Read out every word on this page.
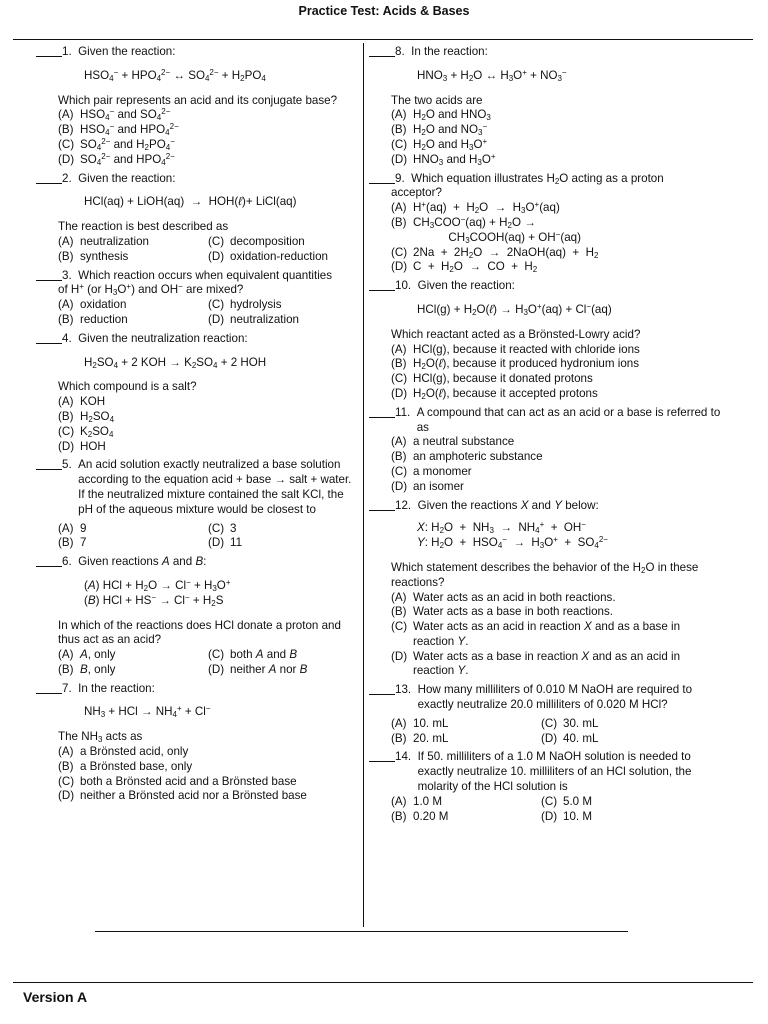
Practice Test: Acids & Bases
1.
Given the reaction:
$HSO_4^- + HPO_4^{2-}$ ↔ $SO_4^{2-} + H_2PO_4$
Which pair represents an acid and its conjugate base?
(A) $HSO_4^-$ and $SO_4^{2-}$
(B) $HSO_4^-$ and $HPO_4^{2-}$
(C) $SO_4^{2-}$ and $H_2PO_4^-$
(D) $SO_4^{2-}$ and $HPO_4^{2-}$
2.
Given the reaction:
HCl(aq) + LiOH(aq)  →  HOH(ℓ)+ LiCl(aq)
The reaction is best described as
(A) neutralization	(C) decomposition
(B) synthesis	(D) oxidation-reduction
3.
Which reaction occurs when equivalent quantities
of H+ (or $H_3O^+$) and OH− are mixed?
(A) oxidation	(C) hydrolysis
(B) reduction	(D) neutralization
4.
Given the neutralization reaction:
$H_2SO_4 + 2$ KOH → $K_2SO_4 + 2$ HOH
Which compound is a salt?
(A) KOH
(B) $H_2SO_4$
(C) $K_2SO_4$
(D) HOH
5.
An acid solution exactly neutralized a base solution according to the equation acid + base → salt + water. If the neutralized mixture contained the salt KCl, the pH of the aqueous mixture would be closest to
(A) 9	(C) 3
(B) 7	(D) 11
6.
Given reactions A and B:
(A) HCl + $H_2O \to Cl^- + H_3O^+$
(B) HCl + $HS^- \to Cl^- + H_2S$
In which of the reactions does HCl donate a proton and thus act as an acid?
(A) A, only	(C) both A and B
(B) B, only	(D) neither A nor B
7.
In the reaction:
$NH_3$ + HCl → $NH_4^+ + Cl^-$
The $NH_3$ acts as
(A) a Brönsted acid, only
(B) a Brönsted base, only
(C) both a Brönsted acid and a Brönsted base
(D) neither a Brönsted acid nor a Brönsted base
8.
In the reaction:
$HNO_3 + H_2O$ ↔ $H_3O^+ + NO_3^-$
The two acids are
(A) $H_2O$ and $HNO_3$
(B) $H_2O$ and $NO_3^-$
(C) $H_2O$ and $H_3O^+$
(D) $HNO_3$ and $H_3O^+$
9.
Which equation illustrates $H_2O$ acting as a proton
acceptor?
(A) $H^+(aq) + H_2O \to H_3O^+(aq)$
(B) $CH_3COO^-(aq) + H_2O$ →
$CH_3COOH(aq) + OH^-(aq)$
(C) $2Na + 2H_2O$  →  2NaOH(aq)  +  $H_2$
(D) $C + H_2O$  →  CO  +  $H_2$
10.
Given the reaction:
$HCl(g) + H_2O(\ell) \to H_3O^+(aq) + Cl^-(aq)$
Which reactant acted as a Brönsted-Lowry acid?
(A) HCl(g), because it reacted with chloride ions
(B) $H_2O(\ell)$, because it produced hydronium ions
(C) HCl(g), because it donated protons
(D) $H_2O(\ell)$, because it accepted protons
11.
A compound that can act as an acid or a base is referred to as
(A) a neutral substance
(B) an amphoteric substance
(C) a monomer
(D) an isomer
12.
Given the reactions X and Y below:
X: $H_2O + NH_3 \to NH_4^+ + OH^-$
Y: $H_2O + HSO_4^- \to H_3O^+ + SO_4^{2-}$
Which statement describes the behavior of the $H_2O$ in these reactions?
(A) Water acts as an acid in both reactions.
(B) Water acts as a base in both reactions.
(C) Water acts as an acid in reaction X and as a base in reaction Y.
(D) Water acts as a base in reaction X and as an acid in reaction Y.
13.
How many milliliters of 0.010 M NaOH are required to exactly neutralize 20.0 milliliters of 0.020 M HCl?
(A) 10. mL	(C) 30. mL
(B) 20. mL	(D) 40. mL
14.
If 50. milliliters of a 1.0 M NaOH solution is needed to exactly neutralize 10. milliliters of an HCl solution, the molarity of the HCl solution is
(A) 1.0 M	(C) 5.0 M
(B) 0.20 M	(D) 10. M
Version A
